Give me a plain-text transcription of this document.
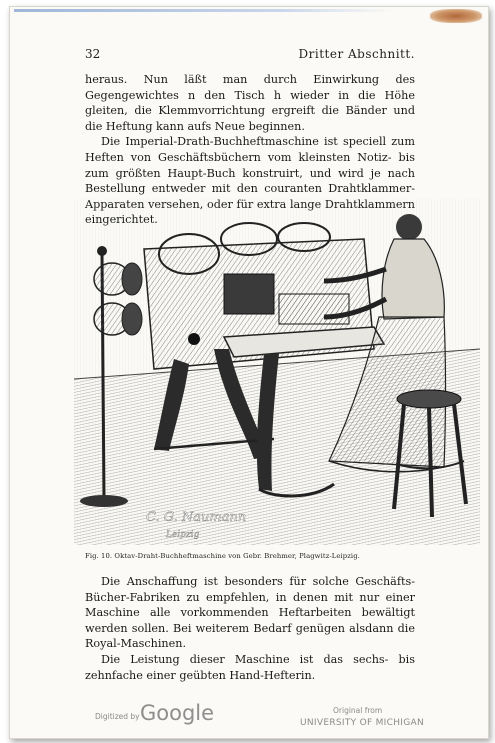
32	Dritter Abschnitt.

heraus. Nun läßt man durch Einwirkung des Gegengewichtes n den Tisch h wieder in die Höhe gleiten, die Klemmvorrichtung ergreift die Bänder und die Heftung kann aufs Neue beginnen.

Die Imperial-Drath-Buchheftmaschine ist speciell zum Heften von Geschäftsbüchern vom kleinsten Notiz- bis zum größten Haupt-Buch konstruirt, und wird je nach Bestellung entweder mit den couranten Drahtklammer-Apparaten versehen, oder für extra lange Drahtklammern eingerichtet.

C. G. Naumann
Leipzig
Fig. 10. Oktav-Draht-Buchheftmaschine von Gebr. Brehmer, Plagwitz-Leipzig.

Die Anschaffung ist besonders für solche Geschäfts-Bücher-Fabriken zu empfehlen, in denen mit nur einer Maschine alle vorkommenden Heftarbeiten bewältigt werden sollen. Bei weiterem Bedarf genügen alsdann die Royal-Maschinen.

Die Leistung dieser Maschine ist das sechs- bis zehnfache einer geübten Hand-Hefterin.

Digitized by Google	Original from
UNIVERSITY OF MICHIGAN
